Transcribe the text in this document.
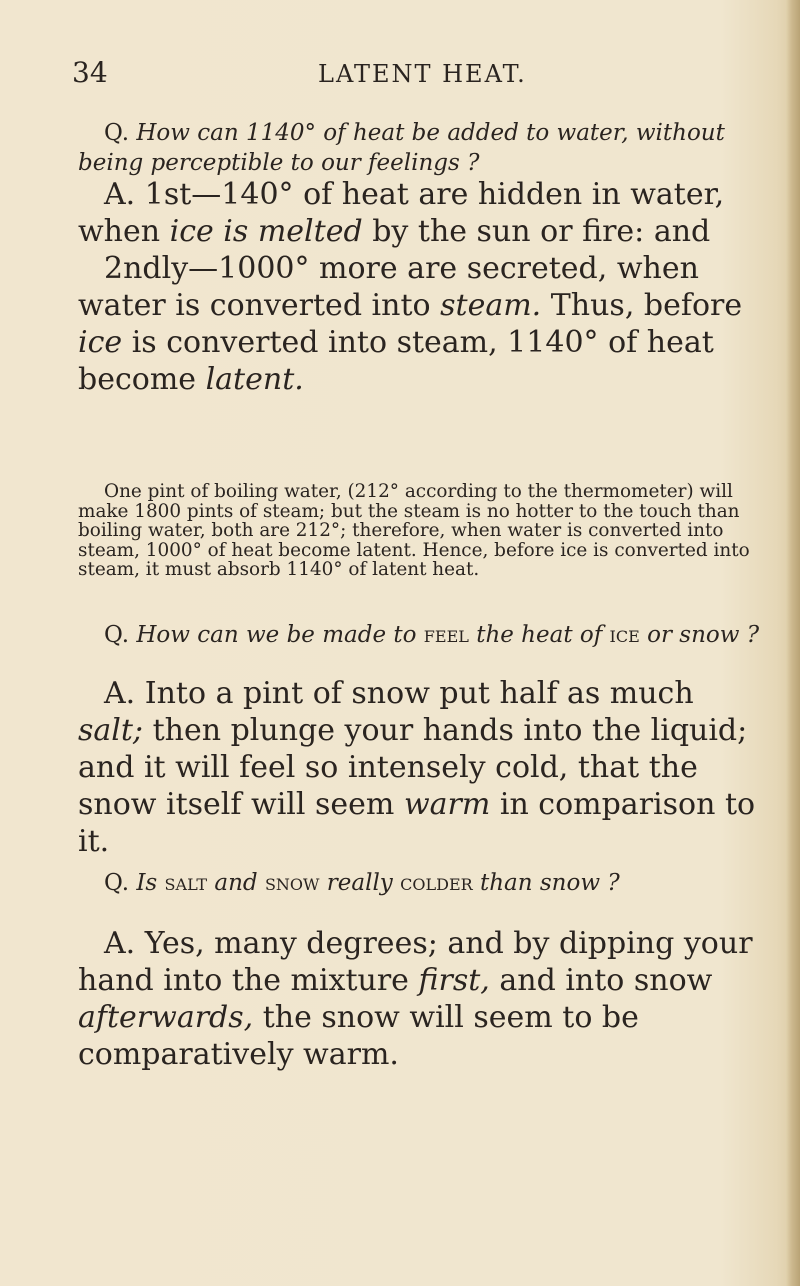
34	LATENT HEAT.

Q. How can 1140° of heat be added to water, without being perceptible to our feelings ?

A. 1st—140° of heat are hidden in water, when ice is melted by the sun or fire: and

2ndly—1000° more are secreted, when water is converted into steam. Thus, before ice is converted into steam, 1140° of heat become latent.

One pint of boiling water, (212° according to the thermometer) will make 1800 pints of steam; but the steam is no hotter to the touch than boiling water, both are 212°; therefore, when water is converted into steam, 1000° of heat become latent. Hence, before ice is converted into steam, it must absorb 1140° of latent heat.

Q. How can we be made to feel the heat of ice or snow ?

A. Into a pint of snow put half as much salt; then plunge your hands into the liquid; and it will feel so intensely cold, that the snow itself will seem warm in comparison to it.

Q. Is salt and snow really colder than snow ?

A. Yes, many degrees; and by dipping your hand into the mixture first, and into snow afterwards, the snow will seem to be comparatively warm.
